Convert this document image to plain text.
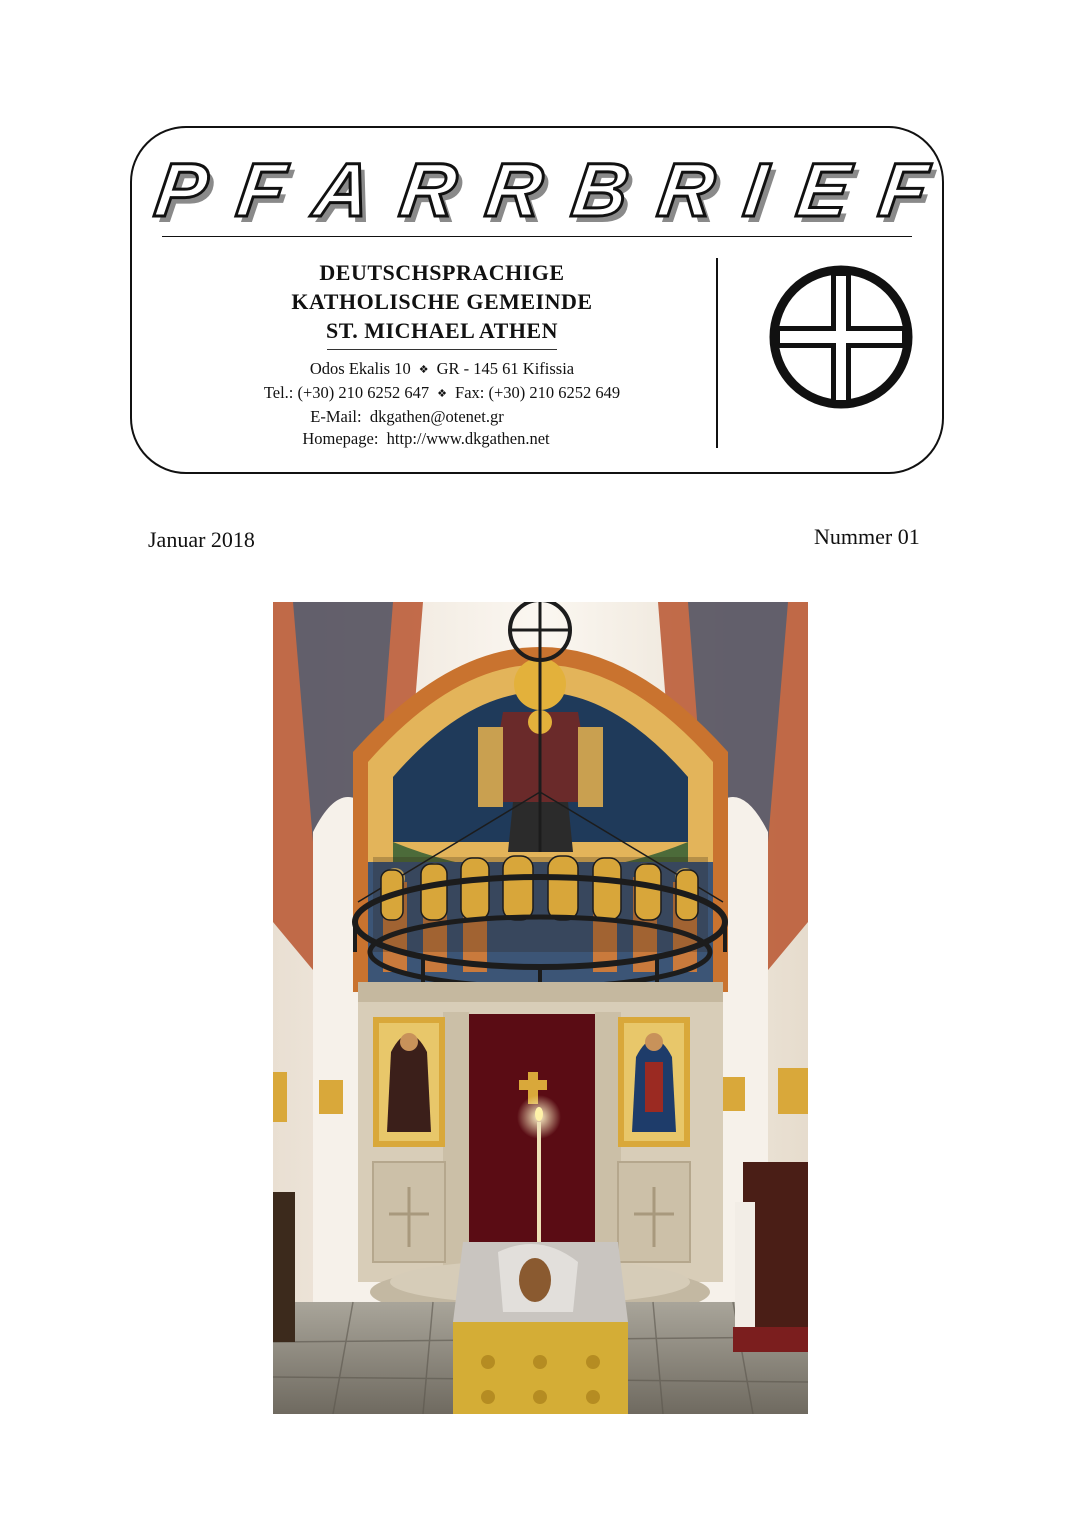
P F A R R B R I E F

DEUTSCHSPRACHIGE

KATHOLISCHE GEMEINDE

ST. MICHAEL ATHEN

Odos Ekalis 10 ❖ GR - 145 61 Kifissia

Tel.: (+30) 210 6252 647 ❖ Fax: (+30) 210 6252 649

E-Mail: dkgathen@otenet.gr

Homepage: http://www.dkgathen.net

Januar 2018	Nummer 01
